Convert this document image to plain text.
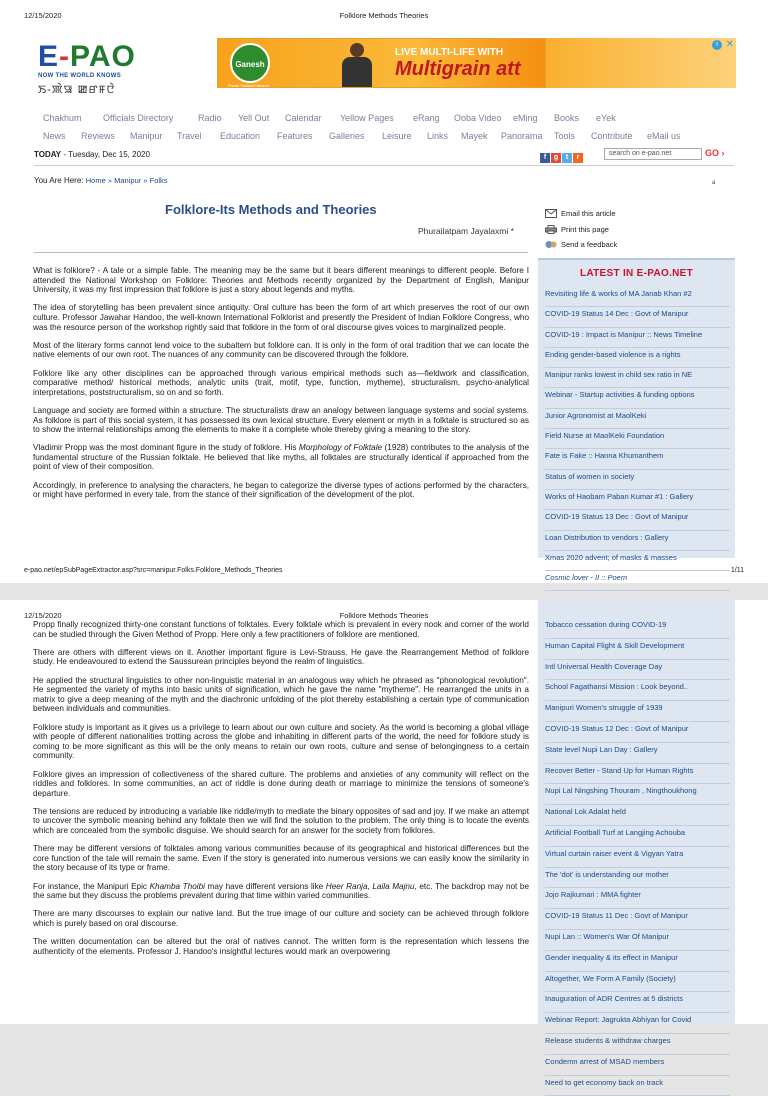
12/15/2020	Folklore Methods Theories
E-PAO
NOW THE WORLD KNOWS
ꯏ-ꯄꯥꯎ ꯀꯔꯝꯅꯥ
Ganesh
LIVE MULTI-LIFE WITH
Multigrain att
Power Packed Ganesh
i ✕
Chakhum Officials Directory	Radio Yell Out Calendar Yellow Pages eRang Ooba Video eMing Books eYek
News Reviews Manipur Travel Education Features Galleries Leisure Links Mayek Panorama Tools Contribute eMail us
TODAY - Tuesday, Dec 15, 2020	f g t r
search on e-pao.net	GO ›
You Are Here: Home » Manipur » Folks	a
Folklore-Its Methods and Theories
Phurailatpam Jayalaxmi *
Email this article
Print this page
Send a feedback

What is folklore? - A tale or a simple fable. The meaning may be the same but it bears different meanings to different people. Before I attended the National Workshop on Folklore: Theories and Methods recently organized by the Department of English, Manipur University, it was my first impression that folklore is just a story about legends and myths.

The idea of storytelling has been prevalent since antiquity. Oral culture has been the form of art which preserves the root of our own culture. Professor Jawahar Handoo, the well-known International Folklorist and presently the President of Indian Folklore Congress, who was the resource person of the workshop rightly said that folklore in the form of oral discourse gives voices to marginalized people.

Most of the literary forms cannot lend voice to the subaltern but folklore can. It is only in the form of oral tradition that we can locate the native elements of our own root. The nuances of any community can be discovered through the folklore.

Folklore like any other disciplines can be approached through various empirical methods such as—fieldwork and classification, comparative method/ historical methods, analytic units (trait, motif, type, function, mytheme), structuralism, psycho-analytical interpretations, poststructuralism, so on and so forth.

Language and society are formed within a structure. The structuralists draw an analogy between language systems and social systems. As folklore is part of this social system, it has possessed its own lexical structure. Every element or myth in a folktale is structured so as to show the internal relationships among the elements to make it a complete whole thereby giving a meaning to the story.

Vladimir Propp was the most dominant figure in the study of folklore. His Morphology of Folktale (1928) contributes to the analysis of the fundamental structure of the Russian folktale. He believed that like myths, all folktales are structurally identical if approached from the point of view of their composition.

Accordingly, in preference to analysing the characters, he began to categorize the diverse types of actions performed by the characters, or might have performed in every tale, from the stance of their signification of the development of the plot.

LATEST IN E-PAO.NET
Revisiting life & works of MA Janab Khan #2
COVID-19 Status 14 Dec : Govt of Manipur
COVID-19 : Impact is Manipur :: News Timeline
Ending gender-based violence is a rights
Manipur ranks lowest in child sex ratio in NE
Webinar - Startup activities & funding options
Junior Agronomist at MaolKeki
Field Nurse at MaolKeki Foundation
Fate is Fake :: Hanna Khumanthem
Status of women in society
Works of Haobam Paban Kumar #1 : Gallery
COVID-19 Status 13 Dec : Govt of Manipur
Loan Distribution to vendors : Gallery
Xmas 2020 advent; of masks & masses
Cosmic lover - II :: Poem
e-pao.net/epSubPageExtractor.asp?src=manipur.Folks.Folklore_Methods_Theories	1/11
12/15/2020	Folklore Methods Theories

Propp finally recognized thirty-one constant functions of folktales. Every folktale which is prevalent in every nook and corner of the world can be studied through the Given Method of Propp. Here only a few practitioners of folklore are mentioned.

There are others with different views on it. Another important figure is Levi-Strauss. He gave the Rearrangement Method of folklore study. He endeavoured to extend the Saussurean principles beyond the realm of linguistics.

He applied the structural linguistics to other non-linguistic material in an analogous way which he phrased as "phonological revolution". He segmented the variety of myths into basic units of signification, which he gave the name "mytheme". He rearranged the units in a matrix to give a deep meaning of the myth and the diachronic unfolding of the plot thereby establishing a certain type of communication between individuals and communities.

Folklore study is important as it gives us a privilege to learn about our own culture and society. As the world is becoming a global village with people of different nationalities trotting across the globe and inhabiting in different parts of the world, the need for folklore study is coming to be more significant as this will be the only means to retain our own roots, culture and sense of belongingness to a certain community.

Folklore gives an impression of collectiveness of the shared culture. The problems and anxieties of any community will reflect on the riddles and folklores. In some communities, an act of riddle is done during death or marriage to minimize the tensions of someone's departure.

The tensions are reduced by introducing a variable like riddle/myth to mediate the binary opposites of sad and joy. If we make an attempt to uncover the symbolic meaning behind any folktale then we will find the solution to the problem. The only thing is to locate the events which are concealed from the symbolic disguise. We should search for an answer for the society from folklores.

There may be different versions of folktales among various communities because of its geographical and historical differences but the core function of the tale will remain the same. Even if the story is generated into numerous versions we can easily know the similarity in the story because of its type or frame.

For instance, the Manipuri Epic Khamba Thoibi may have different versions like Heer Ranja, Laila Majnu, etc. The backdrop may not be the same but they discuss the problems prevalent during that time within varied communities.

There are many discourses to explain our native land. But the true image of our culture and society can be achieved through folklore which is purely based on oral discourse.

The written documentation can be altered but the oral of natives cannot. The written form is the representation which lessens the authenticity of the elements. Professor J. Handoo's insightful lectures would mark an overpowering

Tobacco cessation during COVID-19
Human Capital Flight & Skill Development
Intl Universal Health Coverage Day
School Fagathansi Mission : Look beyond..
Manipuri Women's struggle of 1939
COVID-19 Status 12 Dec : Govt of Manipur
State level Nupi Lan Day : Gallery
Recover Better - Stand Up for Human Rights
Nupi Lal Ningshing Thouram , Ningthoukhong
National Lok Adalat held
Artificial Football Turf at Langjing Achouba
Virtual curtain raiser event & Vigyan Yatra
The 'dot' is understanding our mother
Jojo Rajkumari : MMA fighter
COVID-19 Status 11 Dec : Govt of Manipur
Nupi Lan :: Women's War Of Manipur
Gender inequality & its effect in Manipur
Altogether, We Form A Family (Society)
Inauguration of ADR Centres at 5 districts
Webinar Report: Jagrukta Abhiyan for Covid
Release students & withdraw charges
Condemn arrest of MSAD members
Need to get economy back on track
